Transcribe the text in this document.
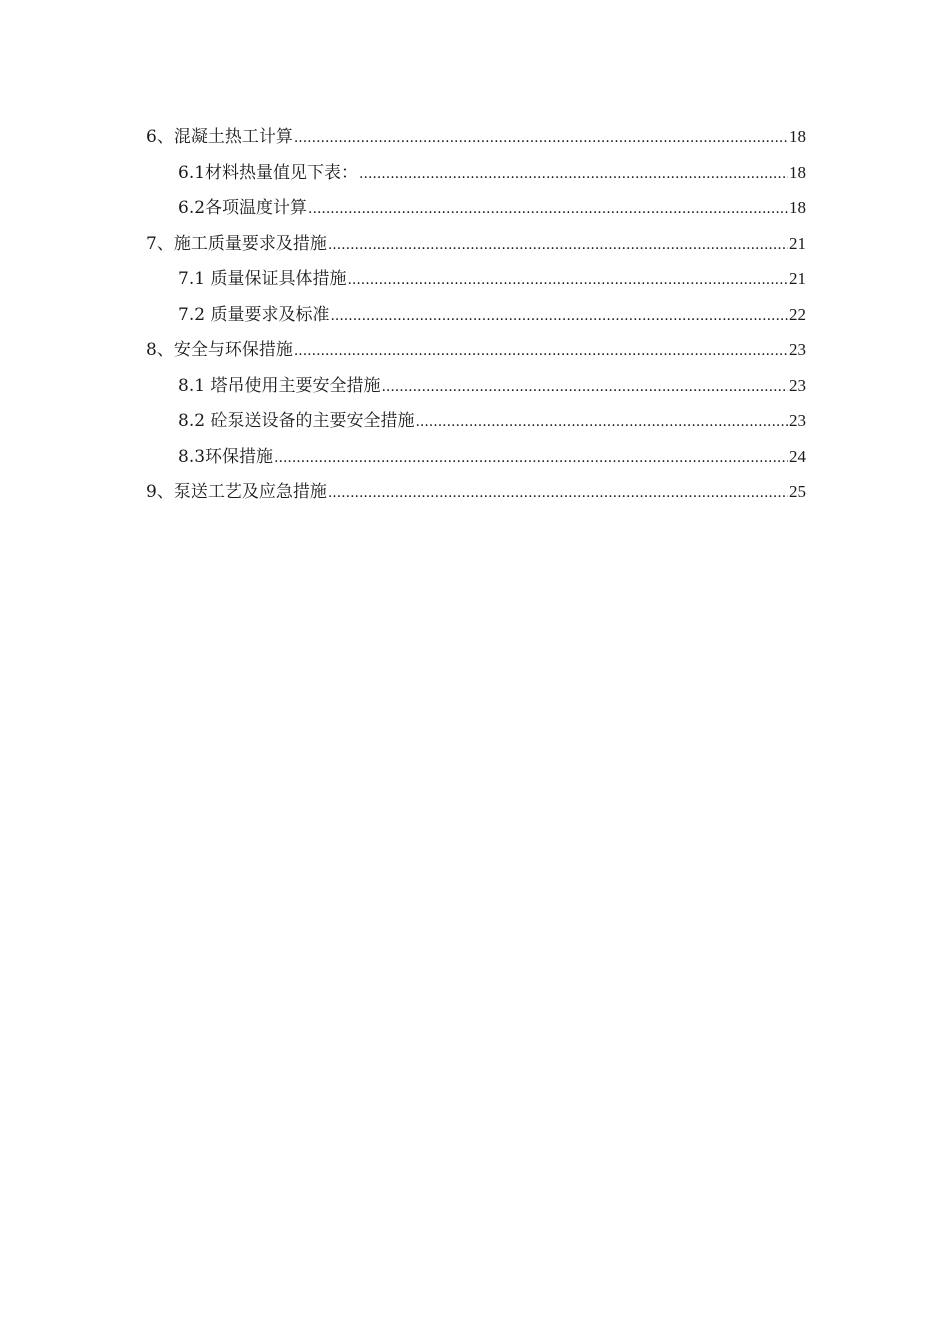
6、混凝土热工计算 .....	18
6.1材料热量值见下表： .....	18
6.2各项温度计算 .....	18
7、施工质量要求及措施 .....	21
7.1 质量保证具体措施 .....	21
7.2 质量要求及标准 .....	22
8、安全与环保措施 .....	23
8.1 塔吊使用主要安全措施 .....	23
8.2 砼泵送设备的主要安全措施 .....	23
8.3环保措施 .....	24
9、泵送工艺及应急措施 .....	25
